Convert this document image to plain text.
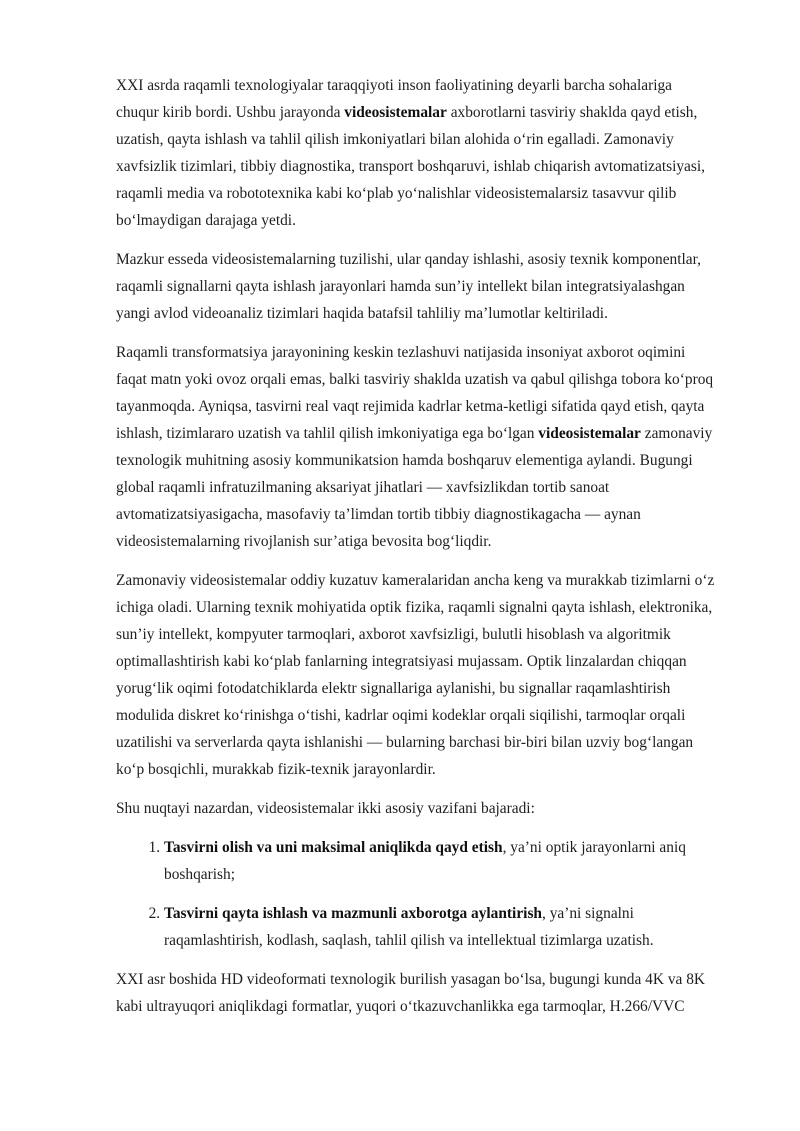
XXI asrda raqamli texnologiyalar taraqqiyoti inson faoliyatining deyarli barcha sohalariga chuqur kirib bordi. Ushbu jarayonda videosistemalar axborotlarni tasviriy shaklda qayd etish, uzatish, qayta ishlash va tahlil qilish imkoniyatlari bilan alohida oʻrin egalladi. Zamonaviy xavfsizlik tizimlari, tibbiy diagnostika, transport boshqaruvi, ishlab chiqarish avtomatizatsiyasi, raqamli media va robototexnika kabi koʻplab yoʻnalishlar videosistemalarsiz tasavvur qilib boʻlmaydigan darajaga yetdi.

Mazkur esseda videosistemalarning tuzilishi, ular qanday ishlashi, asosiy texnik komponentlar, raqamli signallarni qayta ishlash jarayonlari hamda sun’iy intellekt bilan integratsiyalashgan yangi avlod videoanaliz tizimlari haqida batafsil tahliliy ma’lumotlar keltiriladi.

Raqamli transformatsiya jarayonining keskin tezlashuvi natijasida insoniyat axborot oqimini faqat matn yoki ovoz orqali emas, balki tasviriy shaklda uzatish va qabul qilishga tobora koʻproq tayanmoqda. Ayniqsa, tasvirni real vaqt rejimida kadrlar ketma-ketligi sifatida qayd etish, qayta ishlash, tizimlararo uzatish va tahlil qilish imkoniyatiga ega boʻlgan videosistemalar zamonaviy texnologik muhitning asosiy kommunikatsion hamda boshqaruv elementiga aylandi. Bugungi global raqamli infratuzilmaning aksariyat jihatlari — xavfsizlikdan tortib sanoat avtomatizatsiyasigacha, masofaviy ta’limdan tortib tibbiy diagnostikagacha — aynan videosistemalarning rivojlanish sur’atiga bevosita bogʻliqdir.

Zamonaviy videosistemalar oddiy kuzatuv kameralaridan ancha keng va murakkab tizimlarni oʻz ichiga oladi. Ularning texnik mohiyatida optik fizika, raqamli signalni qayta ishlash, elektronika, sun’iy intellekt, kompyuter tarmoqlari, axborot xavfsizligi, bulutli hisoblash va algoritmik optimallashtirish kabi koʻplab fanlarning integratsiyasi mujassam. Optik linzalardan chiqqan yorugʻlik oqimi fotodatchiklarda elektr signallariga aylanishi, bu signallar raqamlashtirish modulida diskret koʻrinishga oʻtishi, kadrlar oqimi kodeklar orqali siqilishi, tarmoqlar orqali uzatilishi va serverlarda qayta ishlanishi — bularning barchasi bir-biri bilan uzviy bogʻlangan koʻp bosqichli, murakkab fizik-texnik jarayonlardir.

Shu nuqtayi nazardan, videosistemalar ikki asosiy vazifani bajaradi:

1. Tasvirni olish va uni maksimal aniqlikda qayd etish, ya’ni optik jarayonlarni aniq boshqarish;
2. Tasvirni qayta ishlash va mazmunli axborotga aylantirish, ya’ni signalni raqamlashtirish, kodlash, saqlash, tahlil qilish va intellektual tizimlarga uzatish.

XXI asr boshida HD videoformati texnologik burilish yasagan boʻlsa, bugungi kunda 4K va 8K kabi ultrayuqori aniqlikdagi formatlar, yuqori oʻtkazuvchanlikka ega tarmoqlar, H.266/VVC
